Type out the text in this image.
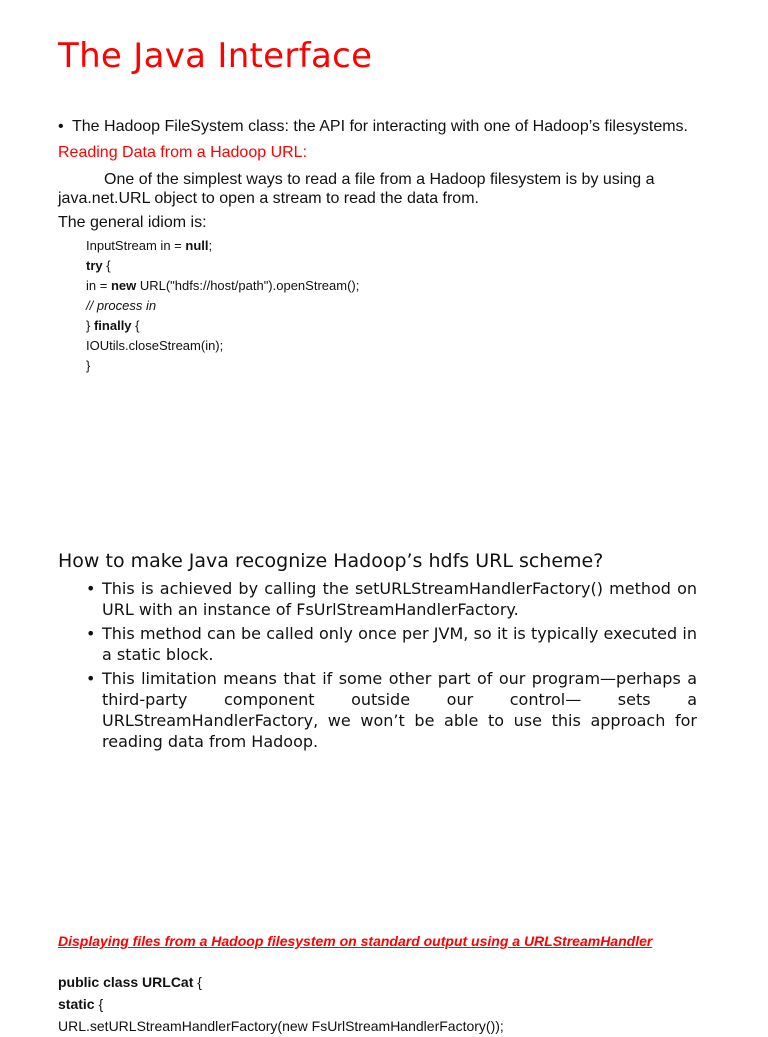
The Java Interface
• The Hadoop FileSystem class: the API for interacting with one of Hadoop’s filesystems.
Reading Data from a Hadoop URL:
One of the simplest ways to read a file from a Hadoop filesystem is by using a java.net.URL object to open a stream to read the data from.
The general idiom is:
InputStream in = null;
try {
in = new URL("hdfs://host/path").openStream();
// process in
} finally {
IOUtils.closeStream(in);
}
How to make Java recognize Hadoop’s hdfs URL scheme?
• This is achieved by calling the setURLStreamHandlerFactory() method on URL with an instance of FsUrlStreamHandlerFactory.
• This method can be called only once per JVM, so it is typically executed in a static block.
• This limitation means that if some other part of our program—perhaps a third-party component outside our control— sets a URLStreamHandlerFactory, we won’t be able to use this approach for reading data from Hadoop.
Displaying files from a Hadoop filesystem on standard output using a URLStreamHandler
public class URLCat {
static {
URL.setURLStreamHandlerFactory(new FsUrlStreamHandlerFactory());
